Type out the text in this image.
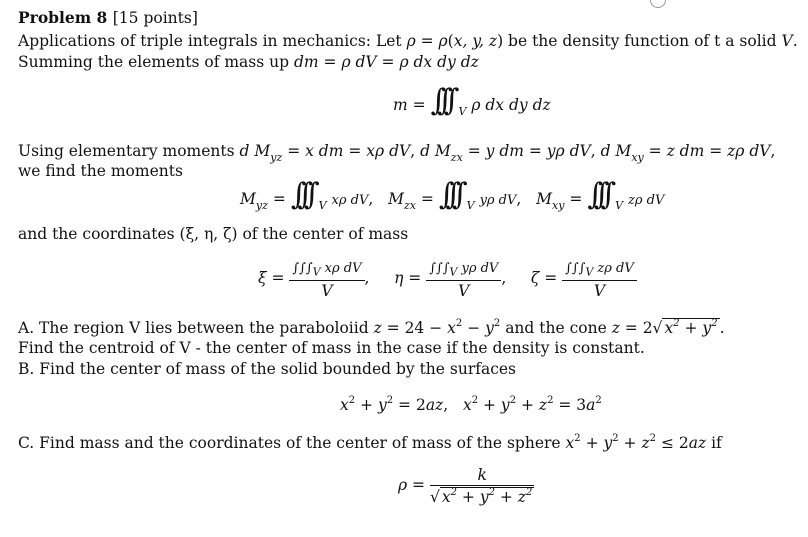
Problem 8 [15 points]
Applications of triple integrals in mechanics: Let ρ = ρ(x, y, z) be the density function of t a solid V.
Summing the elements of mass up dm = ρ dV = ρ dx dy dz
m = ∫∫∫ $_V$ ρ dx dy dz
Using elementary moments d $M_{yz} = x$ dm = xρ dV, d $M_{zx} = y$ dm = yρ dV, d $M_{xy} = z$ dm = zρ dV,
we find the moments
$M_{yz}$ = ∫∫∫ $_V$ xρ dV,   $M_{zx}$ = ∫∫∫ $_V$ yρ dV,   $M_{xy}$ = ∫∫∫ $_V$ zρ dV
and the coordinates (ξ, η, ζ) of the center of mass
$\xi = \frac{\int\int\int_V x\rho dV}{V}$ ,     $\eta = \frac{\int\int\int_V y\rho dV}{V}$ ,     $\zeta = \frac{\int\int\int_V z\rho dV}{V}$
A. The region V lies between the paraboloiid $z = 24 - x^2 - y^2$ and the cone z = 2√ $x^2 + y^2$ .
Find the centroid of V - the center of mass in the case if the density is constant.
B. Find the center of mass of the solid bounded by the surfaces
$x^2 + y^2 = 2az$,   $x^2 + y^2 + z^2 = 3a^2$
C. Find mass and the coordinates of the center of mass of the sphere $x^2 + y^2 + z^2 \le 2az$ if
$\rho = \frac{k}{√ x^2 + y^2 + z^2}$
